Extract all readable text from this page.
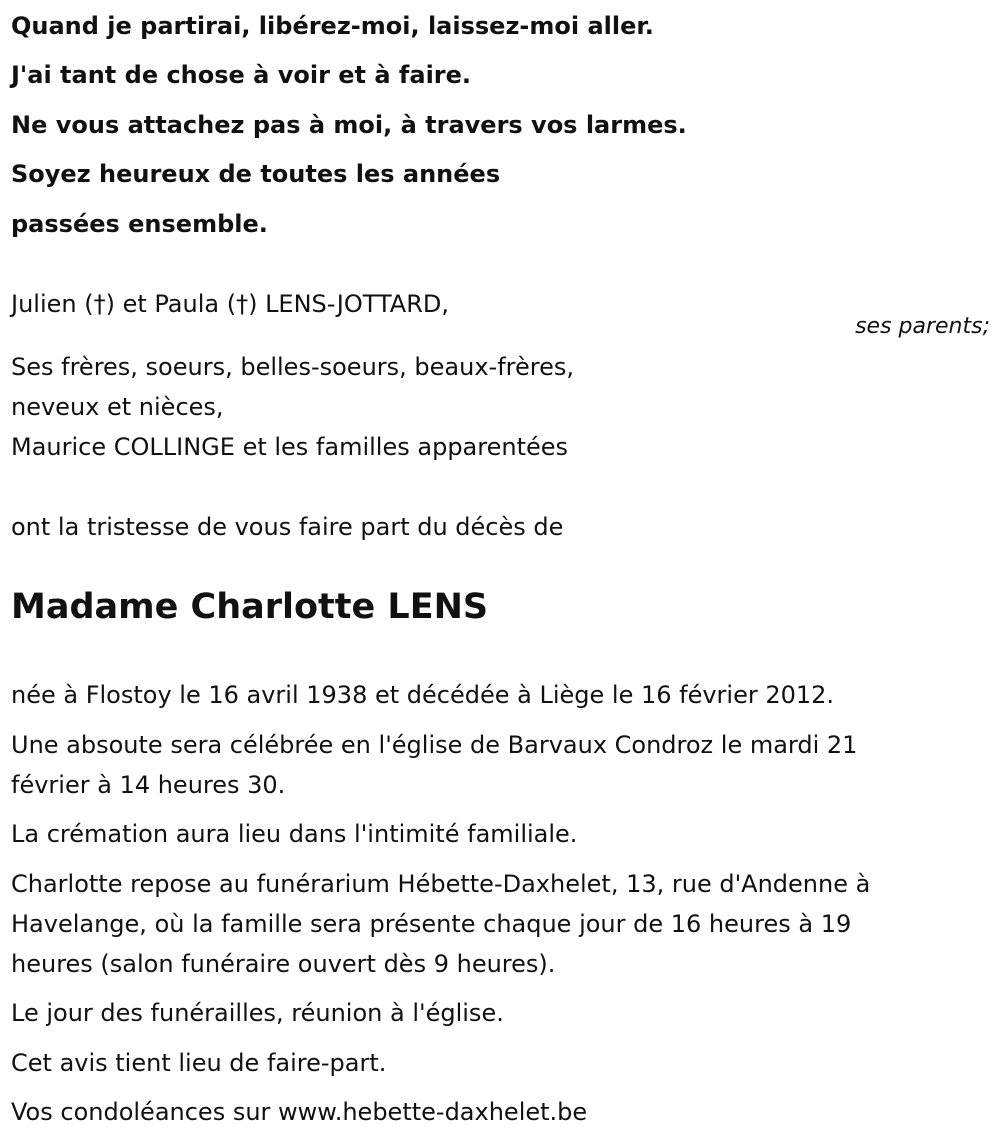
Quand je partirai, libérez-moi, laissez-moi aller.

J'ai tant de chose à voir et à faire.

Ne vous attachez pas à moi, à travers vos larmes.

Soyez heureux de toutes les années

passées ensemble.

Julien (†) et Paula (†) LENS-JOTTARD,

ses parents;

Ses frères, soeurs, belles-soeurs, beaux-frères,

neveux et nièces,

Maurice COLLINGE et les familles apparentées

ont la tristesse de vous faire part du décès de

Madame Charlotte LENS

née à Flostoy le 16 avril 1938 et décédée à Liège le 16 février 2012.

Une absoute sera célébrée en l'église de Barvaux Condroz le mardi 21

février à 14 heures 30.

La crémation aura lieu dans l'intimité familiale.

Charlotte repose au funérarium Hébette-Daxhelet, 13, rue d'Andenne à

Havelange, où la famille sera présente chaque jour de 16 heures à 19

heures (salon funéraire ouvert dès 9 heures).

Le jour des funérailles, réunion à l'église.

Cet avis tient lieu de faire-part.

Vos condoléances sur www.hebette-daxhelet.be
